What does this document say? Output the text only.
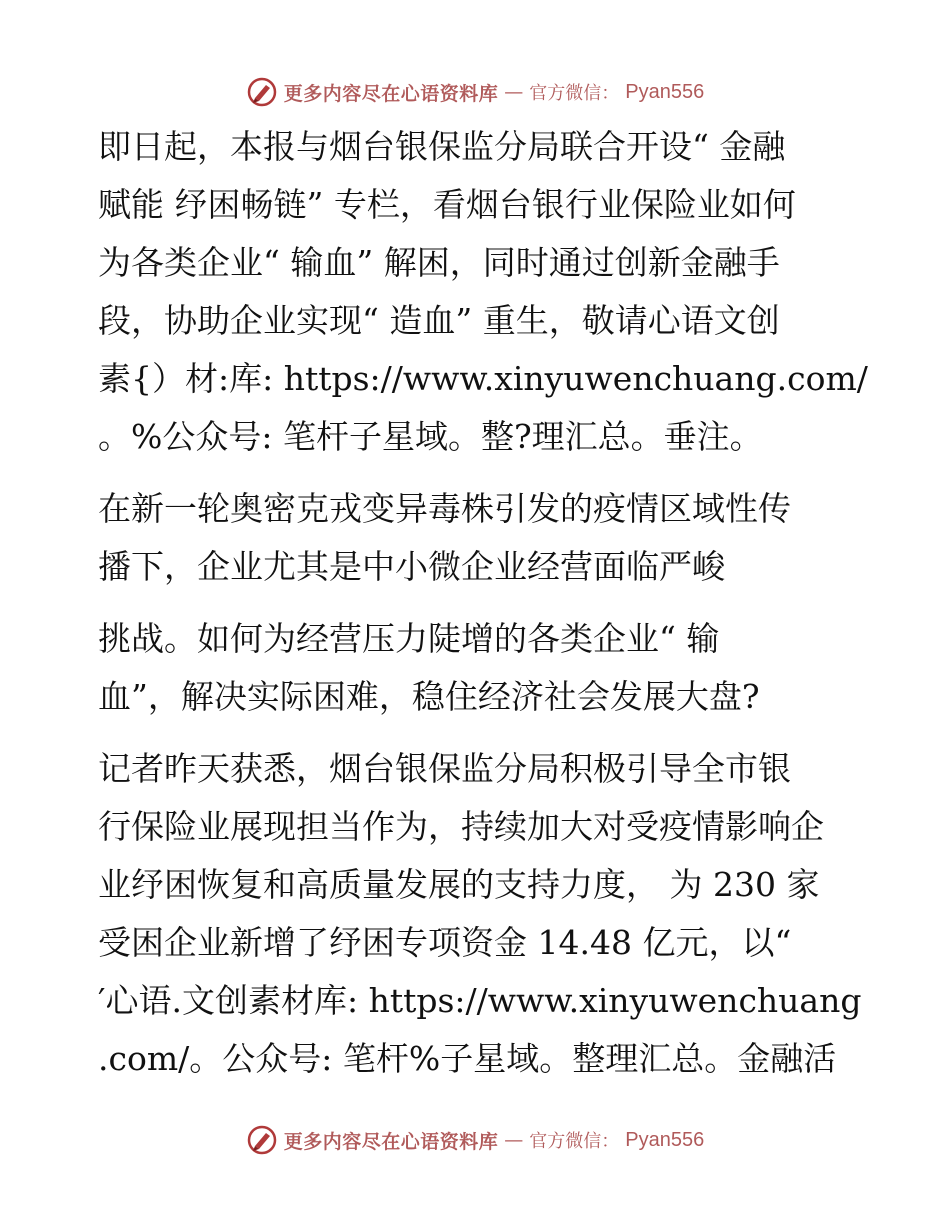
更多内容尽在心语资料库 — 官方微信： Pyan556
即日起，本报与烟台银保监分局联合开设“ 金融
赋能 纾困畅链” 专栏，看烟台银行业保险业如何
为各类企业“ 输血” 解困，同时通过创新金融手
段，协助企业实现“ 造血” 重生，敬请心语文创
素{）材:库: https://www.xinyuwenchuang.com/
。%公众号: 笔杆子星域。整?理汇总。垂注。
在新一轮奥密克戎变异毒株引发的疫情区域性传
播下，企业尤其是中小微企业经营面临严峻
挑战。如何为经营压力陡增的各类企业“ 输
血”，解决实际困难，稳住经济社会发展大盘?
记者昨天获悉，烟台银保监分局积极引导全市银
行保险业展现担当作为，持续加大对受疫情影响企
业纾困恢复和高质量发展的支持力度， 为 230 家
受困企业新增了纾困专项资金 14.48 亿元，以“
′心语.文创素材库: https://www.xinyuwenchuang
.com/。公众号: 笔杆%子星域。整理汇总。金融活
更多内容尽在心语资料库 — 官方微信： Pyan556
